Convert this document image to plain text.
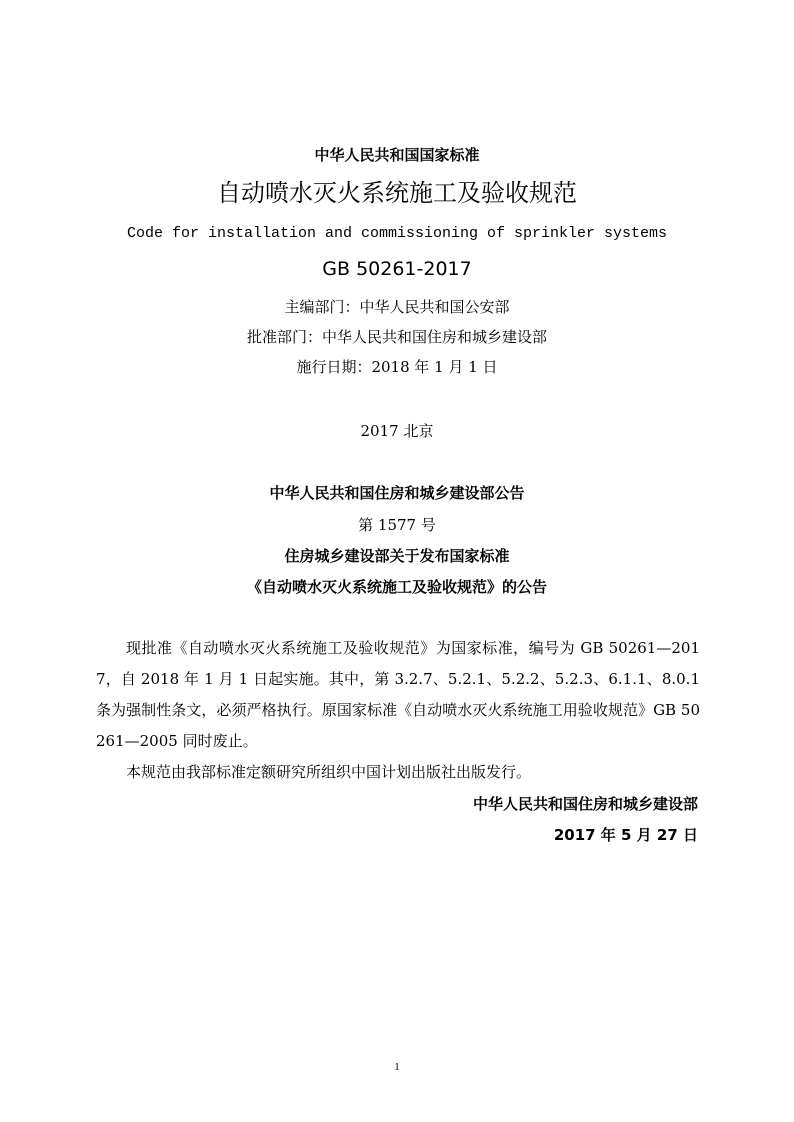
中华人民共和国国家标准
自动喷水灭火系统施工及验收规范
Code for installation and commissioning of sprinkler systems
GB 50261-2017
主编部门：中华人民共和国公安部
批准部门：中华人民共和国住房和城乡建设部
施行日期：2018 年 1 月 1 日
2017 北京
中华人民共和国住房和城乡建设部公告
第 1577 号
住房城乡建设部关于发布国家标准
《自动喷水灭火系统施工及验收规范》的公告

现批准《自动喷水灭火系统施工及验收规范》为国家标准，编号为 GB 50261—2017，自 2018 年 1 月 1 日起实施。其中，第 3.2.7、5.2.1、5.2.2、5.2.3、6.1.1、8.0.1 条为强制性条文，必须严格执行。原国家标准《自动喷水灭火系统施工用验收规范》GB 50261—2005 同时废止。

本规范由我部标准定额研究所组织中国计划出版社出版发行。

中华人民共和国住房和城乡建设部
2017 年 5 月 27 日
1
